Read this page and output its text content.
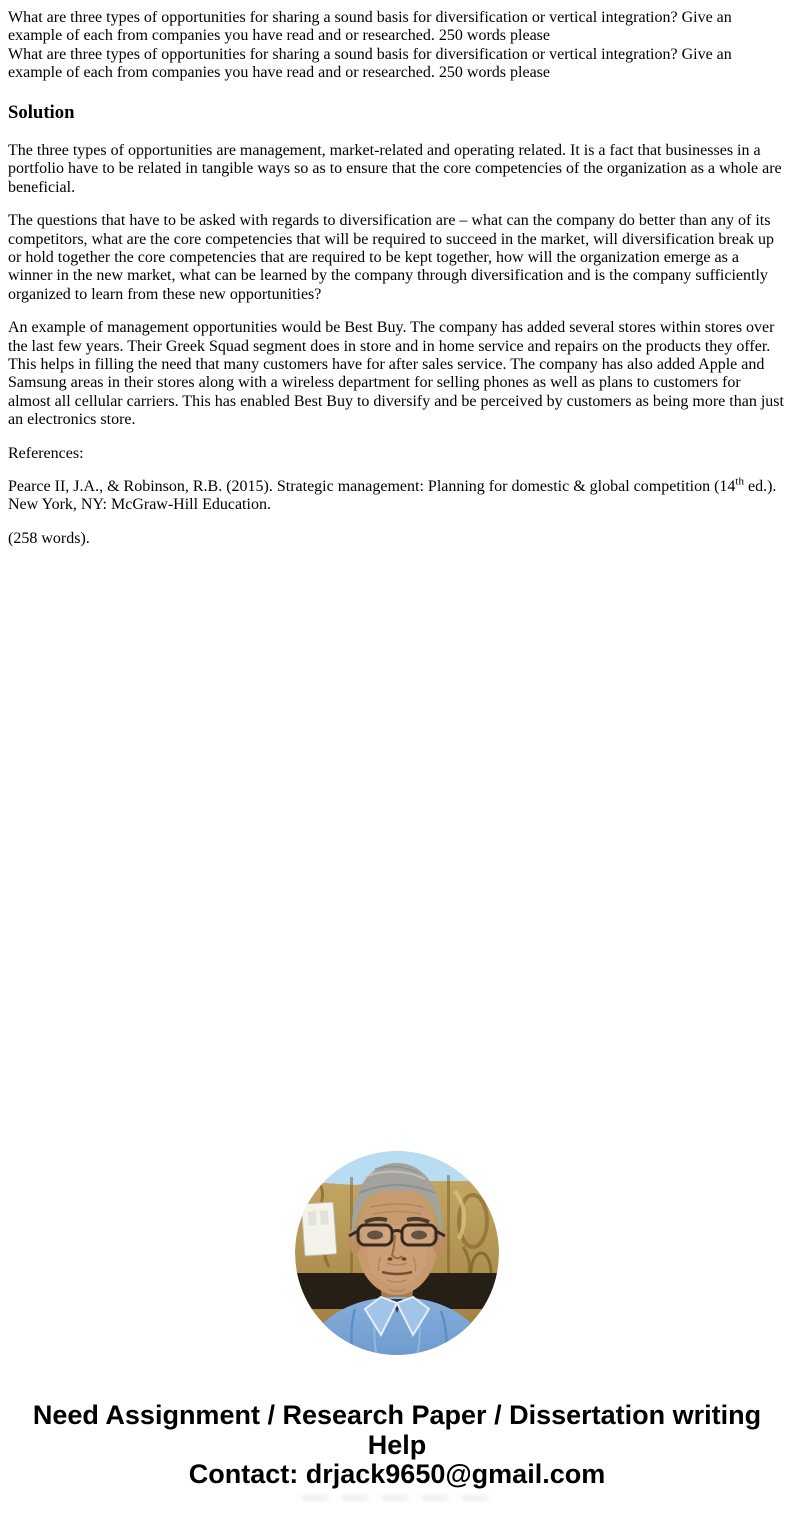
What are three types of opportunities for sharing a sound basis for diversification or vertical integration? Give an example of each from companies you have read and or researched. 250 words please

What are three types of opportunities for sharing a sound basis for diversification or vertical integration? Give an example of each from companies you have read and or researched. 250 words please

Solution

The three types of opportunities are management, market-related and operating related. It is a fact that businesses in a portfolio have to be related in tangible ways so as to ensure that the core competencies of the organization as a whole are beneficial.

The questions that have to be asked with regards to diversification are – what can the company do better than any of its competitors, what are the core competencies that will be required to succeed in the market, will diversification break up or hold together the core competencies that are required to be kept together, how will the organization emerge as a winner in the new market, what can be learned by the company through diversification and is the company sufficiently organized to learn from these new opportunities?

An example of management opportunities would be Best Buy. The company has added several stores within stores over the last few years. Their Greek Squad segment does in store and in home service and repairs on the products they offer. This helps in filling the need that many customers have for after sales service. The company has also added Apple and Samsung areas in their stores along with a wireless department for selling phones as well as plans to customers for almost all cellular carriers. This has enabled Best Buy to diversify and be perceived by customers as being more than just an electronics store.

References:

Pearce II, J.A., & Robinson, R.B. (2015). Strategic management: Planning for domestic & global competition (14th ed.). New York, NY: McGraw-Hill Education.

(258 words).

Need Assignment / Research Paper / Dissertation writing Help
Contact: drjack9650@gmail.com
